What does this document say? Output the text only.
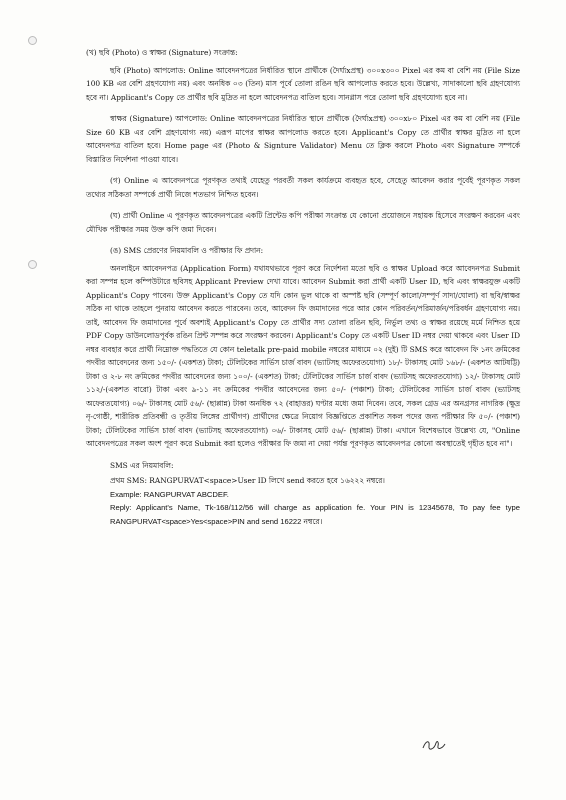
(খ) ছবি (Photo) ও স্বাক্ষর (Signature) সংক্রান্ত:

ছবি (Photo) আপলোড: Online আবেদনপত্রের নির্ধারিত স্থানে প্রার্থীকে (দৈর্ঘ্যxপ্রস্থ) ৩০০x৩০০ Pixel এর কম বা বেশি নয় (File Size 100 KB এর বেশি গ্রহণযোগ্য নয়) এবং অনধিক ০৩ (তিন) মাস পূর্বে তোলা রঙিন ছবি আপলোড করতে হবে। উল্লেখ্য, সাদাকালো ছবি গ্রহণযোগ্য হবে না। Applicant's Copy তে প্রার্থীর ছবি মুদ্রিত না হলে আবেদনপত্র বাতিল হবে। সানগ্লাস পরে তোলা ছবি গ্রহণযোগ্য হবে না।

স্বাক্ষর (Signature) আপলোড: Online আবেদনপত্রের নির্ধারিত স্থানে প্রার্থীকে (দৈর্ঘ্যxপ্রস্থ) ৩০০x৮০ Pixel এর কম বা বেশি নয় (File Size 60 KB এর বেশি গ্রহণযোগ্য নয়) এরূপ মাপের স্বাক্ষর আপলোড করতে হবে। Applicant's Copy তে প্রার্থীর স্বাক্ষর মুদ্রিত না হলে আবেদনপত্র বাতিল হবে। Home page এর (Photo & Signture Validator) Menu তে ক্লিক করলে Photo এবং Signature সম্পর্কে বিস্তারিত নির্দেশনা পাওয়া যাবে।

(গ) Online এ আবেদনপত্রে পূরণকৃত তথ্যই যেহেতু পরবর্তী সকল কার্যক্রমে ব্যবহৃত হবে, সেহেতু আবেদন করার পূর্বেই পূরণকৃত সকল তথ্যের সঠিকতা সম্পর্কে প্রার্থী নিজে শতভাগ নিশ্চিত হবেন।

(ঘ) প্রার্থী Online এ পূরণকৃত আবেদনপত্রের একটি প্রিন্টেড কপি পরীক্ষা সংক্রান্ত যে কোনো প্রয়োজনে সহায়ক হিসেবে সংরক্ষণ করবেন এবং মৌখিক পরীক্ষার সময় উক্ত কপি জমা দিবেন।

(ঙ) SMS প্রেরণের নিয়মাবলি ও পরীক্ষার ফি প্রদান:

অনলাইনে আবেদনপত্র (Application Form) যথাযথভাবে পূরণ করে নির্দেশনা মতো ছবি ও স্বাক্ষর Upload করে আবেদনপত্র Submit করা সম্পন্ন হলে কম্পিউটারে ছবিসহ Applicant Preview দেখা যাবে। আবেদন Submit করা প্রার্থী একটি User ID, ছবি এবং স্বাক্ষরযুক্ত একটি Applicant's Copy পাবেন। উক্ত Applicant's Copy তে যদি কোন ভুল থাকে বা অস্পষ্ট ছবি (সম্পূর্ণ কালো/সম্পূর্ণ সাদা/ঘোলা) বা ছবি/স্বাক্ষর সঠিক না থাকে তাহলে পুনরায় আবেদন করতে পারবেন। তবে, আবেদন ফি জমাদানের পরে আর কোন পরিবর্তন/পরিমার্জন/পরিবর্ধন গ্রহণযোগ্য নয়। তাই, আবেদন ফি জমাদানের পূর্বে অবশ্যই Applicant's Copy তে প্রার্থীর সদ্য তোলা রঙিন ছবি, নির্ভুল তথ্য ও স্বাক্ষর রয়েছে মর্মে নিশ্চিত হয়ে PDF Copy ডাউনলোডপূর্বক রঙিন প্রিন্ট সম্পন্ন করে সংরক্ষণ করবেন। Applicant's Copy তে একটি User ID নম্বর দেয়া থাকবে এবং User ID নম্বর ব্যবহার করে প্রার্থী নিম্নোক্ত পদ্ধতিতে যে কোন teletalk pre-paid mobile নম্বরের মাধ্যমে ০২ (দুই) টি SMS করে আবেদন ফি ১নং ক্রমিকের পদবীর আবেদনের জন্য ১৫০/- (একশত) টাকা; টেলিটকের সার্ভিস চার্জ বাবদ (ভ্যাটসহ অফেরতযোগ্য) ১৮/- টাকাসহ মোট ১৬৮/- (একশত আটষট্টি) টাকা ও ২-৮ নং ক্রমিকের পদবীর আবেদনের জন্য ১০০/- (একশত) টাকা; টেলিটকের সার্ভিস চার্জ বাবদ (ভ্যাটসহ অফেরতযোগ্য) ১২/- টাকাসহ মোট ১১২/-(একশত বারো) টাকা এবং ৯-১১ নং ক্রমিকের পদবীর আবেদনের জন্য ৫০/- (পঞ্চাশ) টাকা; টেলিটকের সার্ভিস চার্জ বাবদ (ভ্যাটসহ অফেরতযোগ্য) ০৬/- টাকাসহ মোট ৫৬/- (ছাপ্পান্ন) টাকা অনধিক ৭২ (বাহাত্তর) ঘণ্টার মধ্যে জমা দিবেন। তবে, সকল গ্রেড এর অনগ্রসর নাগরিক (ক্ষুদ্র নৃ-গোষ্ঠী, শারীরিক প্রতিবন্ধী ও তৃতীয় লিঙ্গের প্রার্থীগণ) প্রার্থীদের ক্ষেত্রে নিয়োগ বিজ্ঞপ্তিতে প্রকাশিত সকল পদের জন্য পরীক্ষার ফি ৫০/- (পঞ্চাশ) টাকা; টেলিটকের সার্ভিস চার্জ বাবদ (ভ্যাটসহ অফেরতযোগ্য) ০৬/- টাকাসহ মোট ৫৬/- (ছাপ্পান্ন) টাকা। এখানে বিশেষভাবে উল্লেখ্য যে, "Online আবেদনপত্রের সকল অংশ পূরণ করে Submit করা হলেও পরীক্ষার ফি জমা না দেয়া পর্যন্ত পূরণকৃত আবেদনপত্র কোনো অবস্থাতেই গৃহীত হবে না"।

SMS এর নিয়মাবলি:
প্রথম SMS: RANGPURVAT<space>User ID লিখে send করতে হবে ১৬২২২ নম্বরে।
Example: RANGPURVAT ABCDEF.

Reply: Applicant's Name, Tk-168/112/56 will charge as application fe. Your PIN is 12345678, To pay fee type RANGPURVAT<space>Yes<space>PIN and send 16222 নম্বরে।
